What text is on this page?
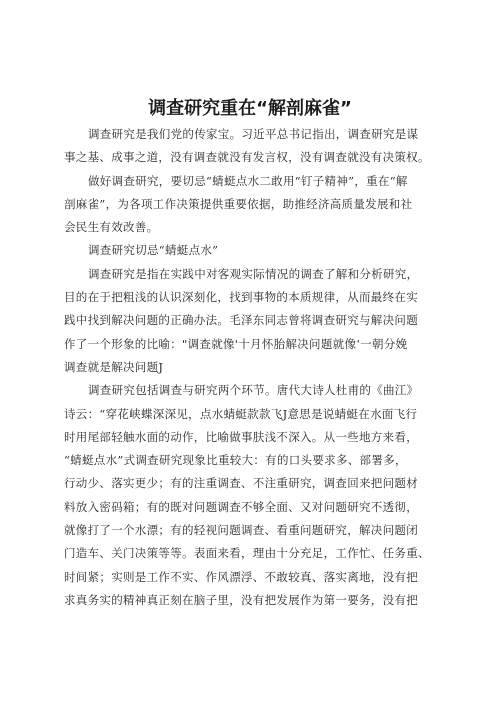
调查研究重在“解剖麻雀”
调查研究是我们党的传家宝。习近平总书记指出，调查研究是谋
事之基、成事之道，没有调查就没有发言权，没有调查就没有决策权。
做好调查研究，要切忌“蜻蜓点水二敢用“钉子精神”，重在“解
剖麻雀”，为各项工作决策提供重要依据，助推经济高质量发展和社
会民生有效改善。
调查研究切忌“蜻蜓点水”
调查研究是指在实践中对客观实际情况的调查了解和分析研究，
目的在于把粗浅的认识深刻化，找到事物的本质规律，从而最终在实
践中找到解决问题的正确办法。毛泽东同志曾将调查研究与解决问题
作了一个形象的比喻："调查就像'十月怀胎解决问题就像‘一朝分娩
调查就是解决问题J
调查研究包括调查与研究两个环节。唐代大诗人杜甫的《曲江》
诗云：“穿花峡蝶深深见，点水蜻蜓款款飞J意思是说蜻蜓在水面飞行
时用尾部轻触水面的动作，比喻做事肤浅不深入。从一些地方来看，
“蜻蜓点水”式调查研究现象比重较大：有的口头要求多、部署多，
行动少、落实更少；有的注重调查、不注重研究，调查回来把问题材
料放入密码箱；有的既对问题调查不够全面、又对问题研究不透彻，
就像打了一个水漂；有的轻视问题调查、看重问题研究，解决问题闭
门造车、关门决策等等。表面来看，理由十分充足，工作忙、任务重、
时间紧；实则是工作不实、作风漂浮、不敢较真、落实离地，没有把
求真务实的精神真正刻在脑子里，没有把发展作为第一要务，没有把
